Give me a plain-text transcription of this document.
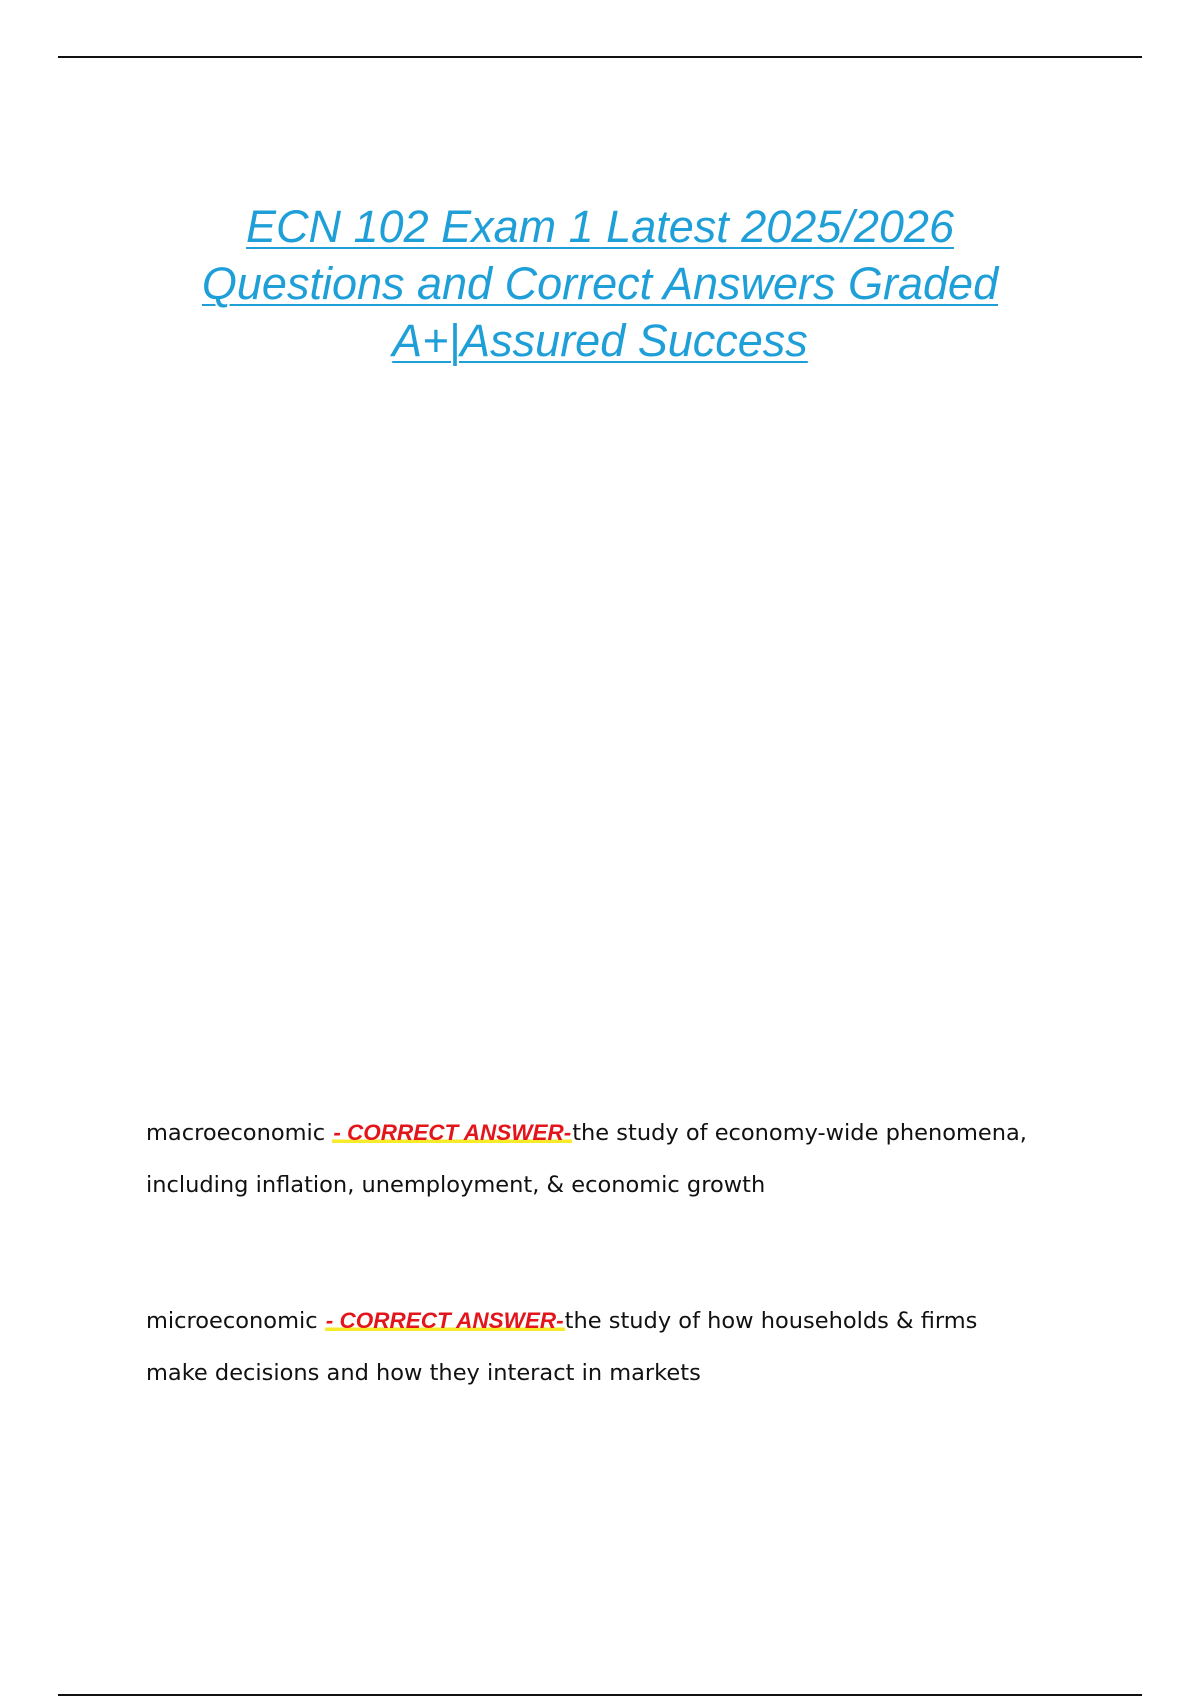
ECN 102 Exam 1 Latest 2025/2026
Questions and Correct Answers Graded
A+|Assured Success
macroeconomic - CORRECT ANSWER-the study of economy-wide phenomena,
including inflation, unemployment, & economic growth
microeconomic - CORRECT ANSWER-the study of how households & firms
make decisions and how they interact in markets
